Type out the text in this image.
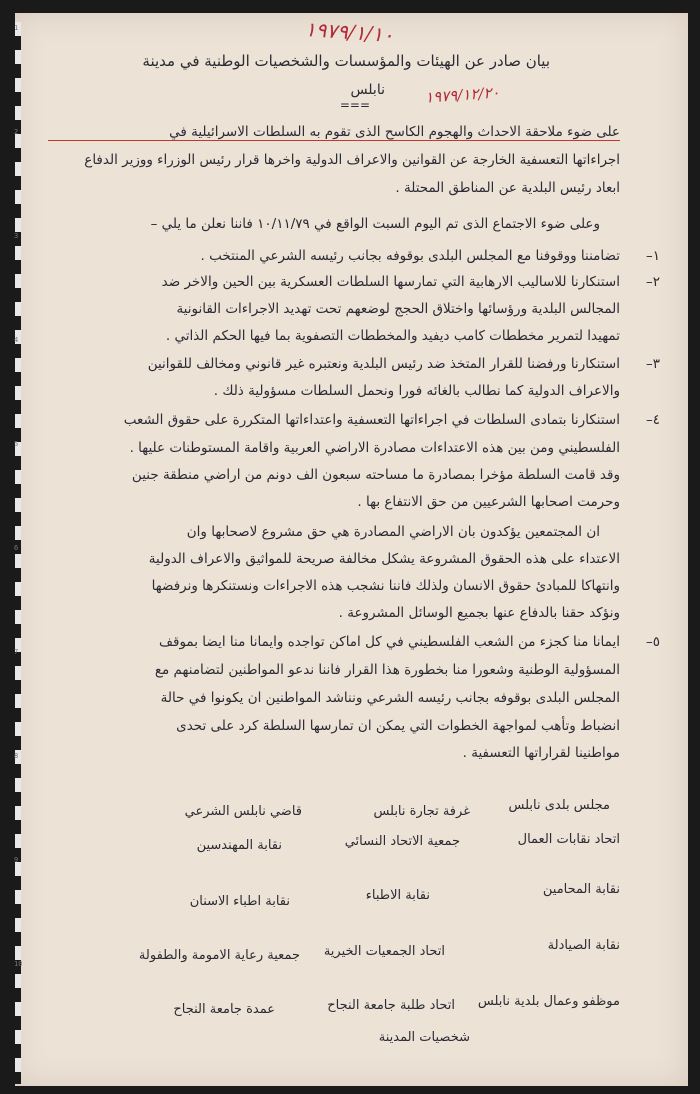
1
2
3
4
5
6
7
8
9
10
١٩٧٩/١/١٠
١٩٧٩/١٢/٢٠
بيان صادر عن الهيئات والمؤسسات والشخصيات الوطنية في مدينة
نابلس
===
على ضوء ملاحقة الاحداث والهجوم الكاسح الذى تقوم به السلطات الاسرائيلية في
اجراءاتها التعسفية الخارجة عن القوانين والاعراف الدولية واخرها قرار رئيس الوزراء ووزير الدفاع
ابعاد رئيس البلدية عن المناطق المحتلة .
وعلى ضوء الاجتماع الذى تم اليوم السبت الواقع في ١٠/١١/٧٩ فاننا نعلن ما يلي –
١–
تضامننا ووقوفنا مع المجلس البلدى بوقوفه بجانب رئيسه الشرعي المنتخب .
٢–
استنكارنا للاساليب الارهابية التي تمارسها السلطات العسكرية بين الحين والاخر ضد
المجالس البلدية ورؤسائها واختلاق الحجج لوضعهم تحت تهديد الاجراءات القانونية
تمهيدا لتمرير مخططات كامب ديفيد والمخططات التصفوية بما فيها الحكم الذاتي .
٣–
استنكارنا ورفضنا للقرار المتخذ ضد رئيس البلدية ونعتبره غير قانوني ومخالف للقوانين
والاعراف الدولية كما نطالب بالغائه فورا ونحمل السلطات مسؤولية ذلك .
٤–
استنكارنا بتمادى السلطات في اجراءاتها التعسفية واعتداءاتها المتكررة على حقوق الشعب
الفلسطيني ومن بين هذه الاعتداءات مصادرة الاراضي العربية واقامة المستوطنات عليها .
وقد قامت السلطة مؤخرا بمصادرة ما مساحته سبعون الف دونم من اراضي منطقة جنين
وحرمت اصحابها الشرعيين من حق الانتفاع بها .
ان المجتمعين يؤكدون بان الاراضي المصادرة هي حق مشروع لاصحابها وان
الاعتداء على هذه الحقوق المشروعة يشكل مخالفة صريحة للمواثيق والاعراف الدولية
وانتهاكا للمبادئ حقوق الانسان ولذلك فاننا نشجب هذه الاجراءات ونستنكرها ونرفضها
ونؤكد حقنا بالدفاع عنها بجميع الوسائل المشروعة .
٥–
ايمانا منا كجزء من الشعب الفلسطيني في كل اماكن تواجده وايمانا منا ايضا بموقف
المسؤولية الوطنية وشعورا منا بخطورة هذا القرار فاننا ندعو المواطنين لتضامنهم مع
المجلس البلدى بوقوفه بجانب رئيسه الشرعي ونناشد المواطنين ان يكونوا في حالة
انضباط وتأهب لمواجهة الخطوات التي يمكن ان تمارسها السلطة كرد على تحدى
مواطنينا لقراراتها التعسفية .
مجلس بلدى نابلس
غرفة تجارة نابلس
قاضي نابلس الشرعي
اتحاد نقابات العمال
جمعية الاتحاد النسائي
نقابة المهندسين
نقابة المحامين
نقابة الاطباء
نقابة اطباء الاسنان
نقابة الصيادلة
اتحاد الجمعيات الخيرية
جمعية رعاية الامومة والطفولة
موظفو وعمال بلدية نابلس
اتحاد طلبة جامعة النجاح
عمدة جامعة النجاح
شخصيات المدينة
